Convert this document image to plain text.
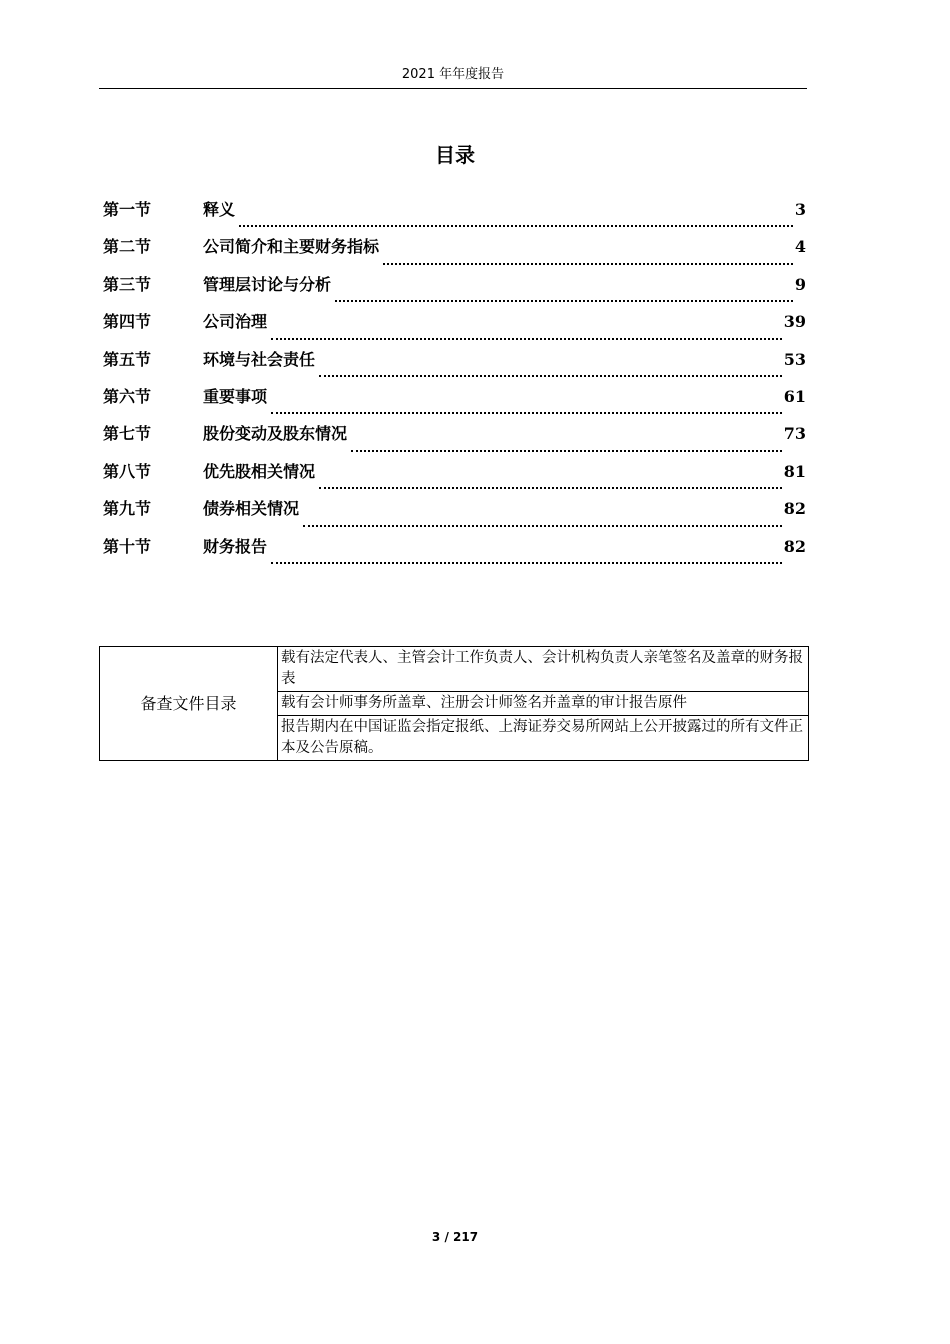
2021 年年度报告
目录
第一节	释义	3
第二节	公司简介和主要财务指标	4
第三节	管理层讨论与分析	9
第四节	公司治理	39
第五节	环境与社会责任	53
第六节	重要事项	61
第七节	股份变动及股东情况	73
第八节	优先股相关情况	81
第九节	债券相关情况	82
第十节	财务报告	82
备查文件目录	载有法定代表人、主管会计工作负责人、会计机构负责人亲笔签名及盖章的财务报表
载有会计师事务所盖章、注册会计师签名并盖章的审计报告原件
报告期内在中国证监会指定报纸、上海证券交易所网站上公开披露过的所有文件正本及公告原稿。
3 / 217
